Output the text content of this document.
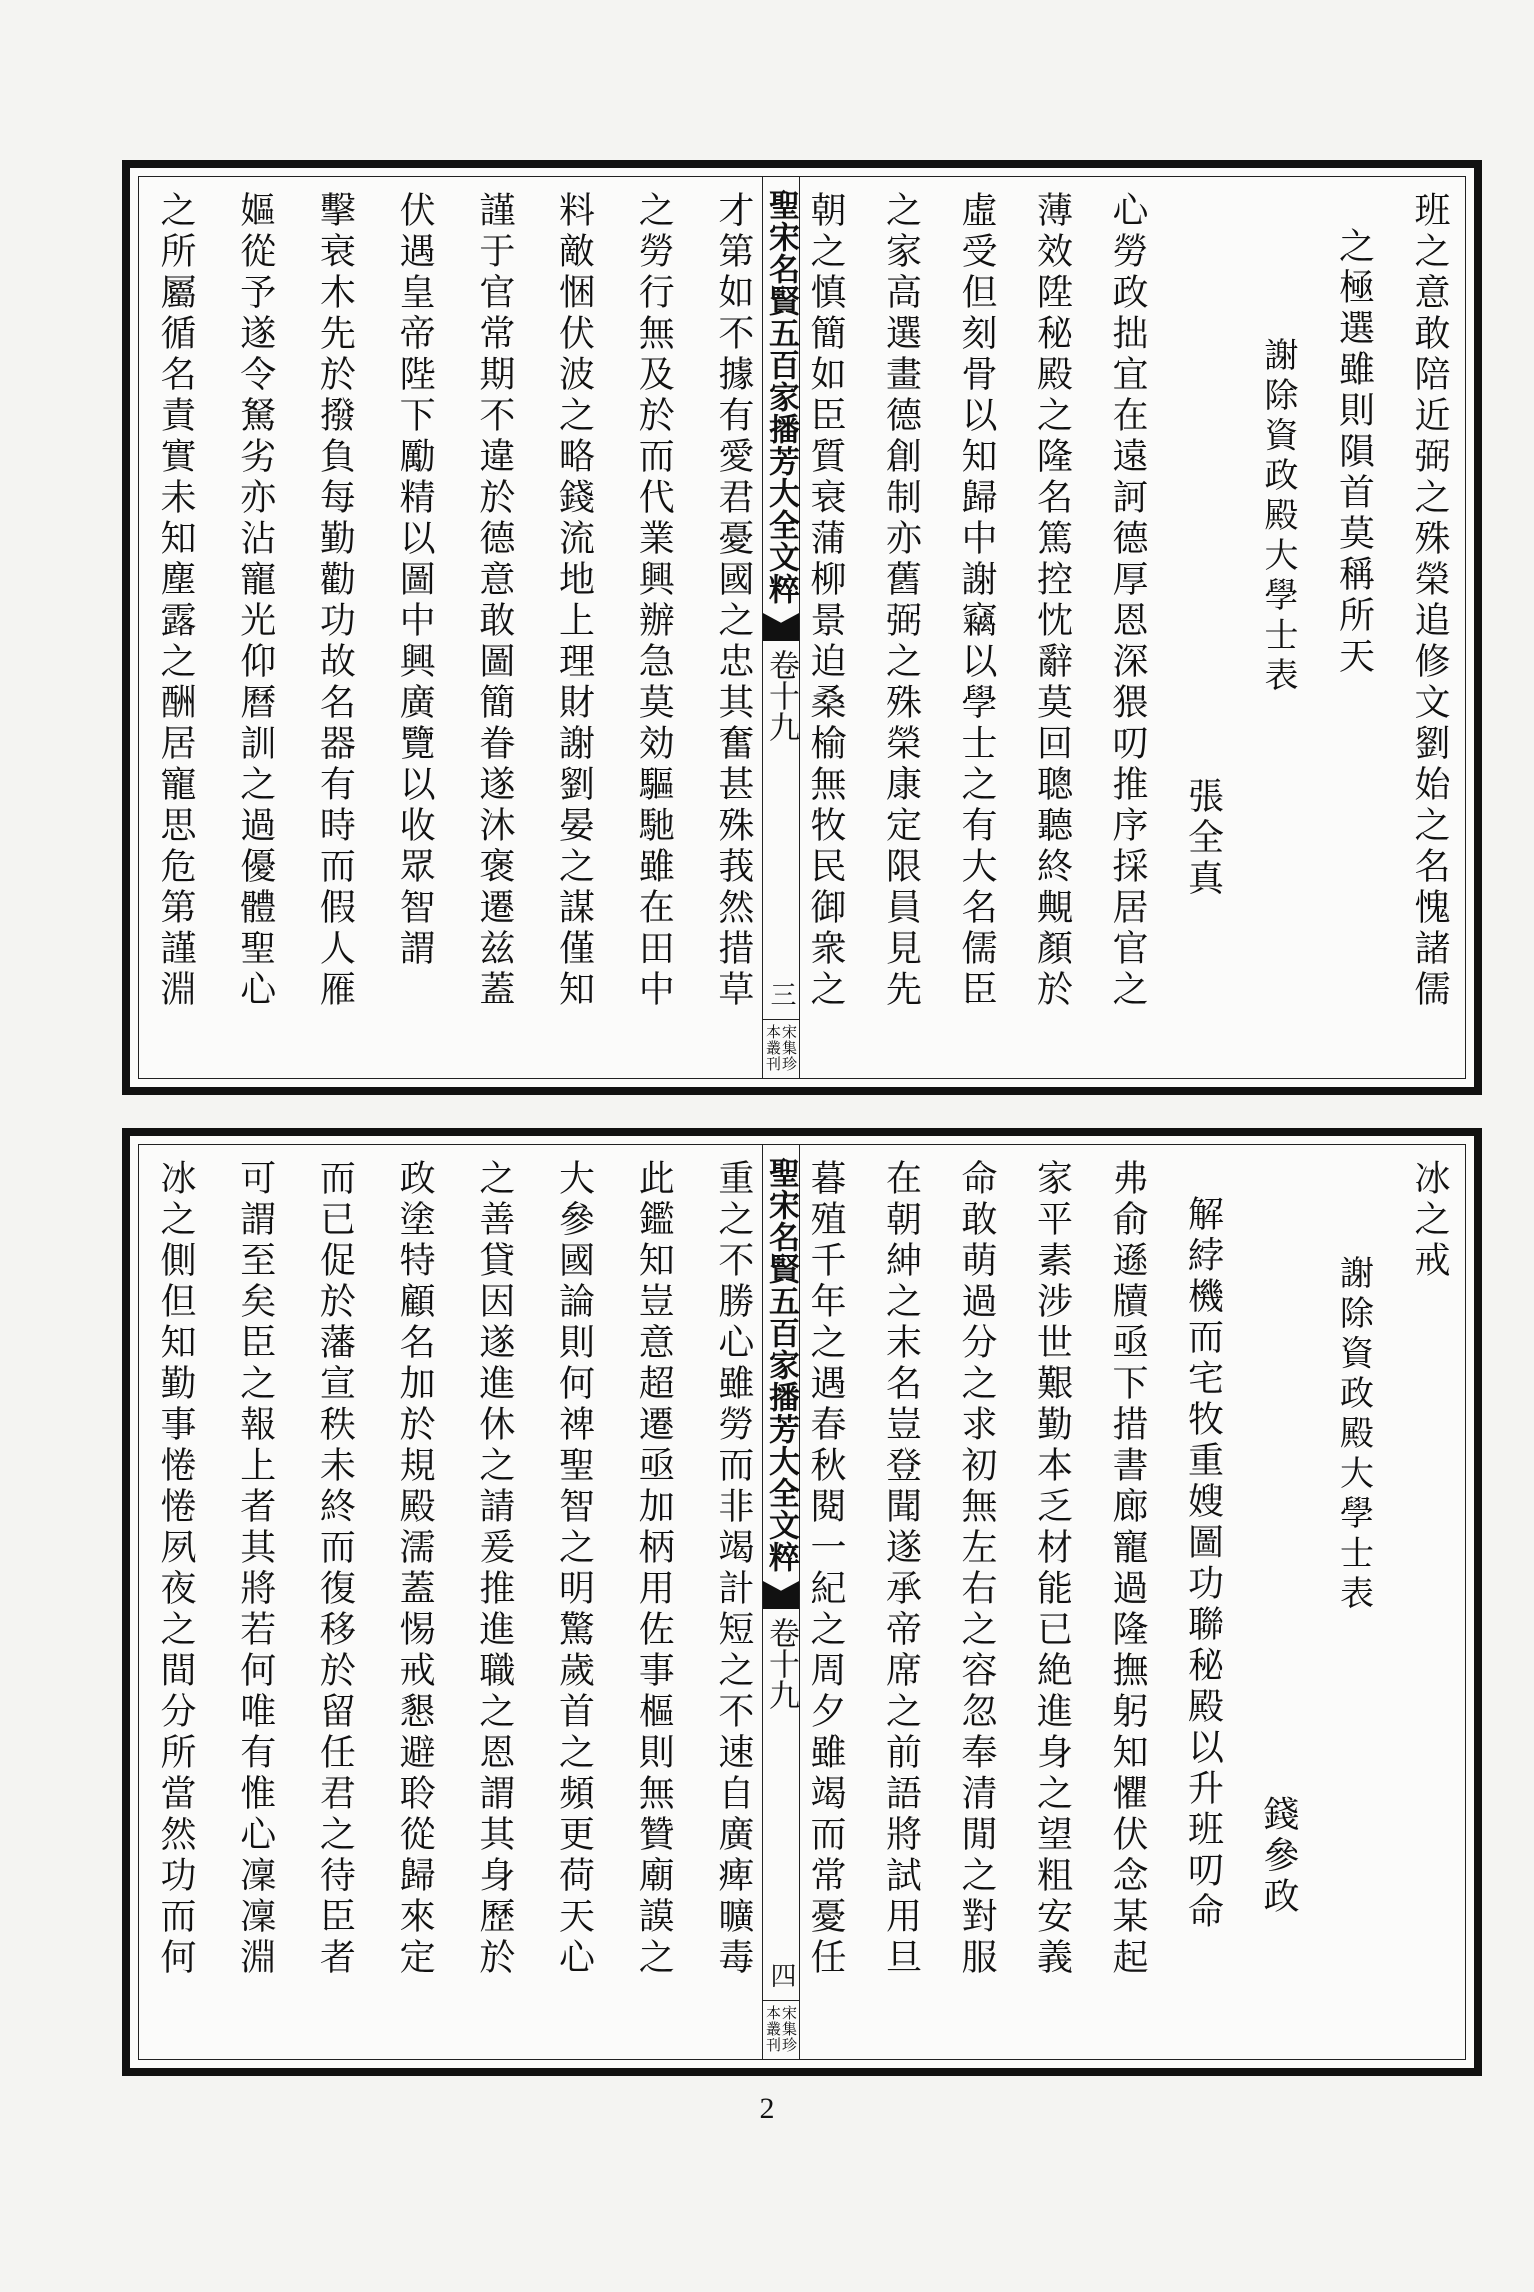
班之意敢陪近弼之殊榮追修文劉始之名愧諸儒
之極選雖則隕首莫稱所天
謝除資政殿大學士表
張全真
心勞政拙宜在遠訶德厚恩深猥叨推序採居官之
薄效陞秘殿之隆名篤控忱辭莫回聰聽終覥顏於
虛受但刻骨以知歸中謝竊以學士之有大名儒臣
之家高選畫德創制亦舊弼之殊榮康定限員見先
朝之慎簡如臣質衰蒲柳景迫桑榆無牧民御衆之
聖宋名賢五百家播芳大全文粹
卷十九
三
宋集珍
本叢刊
才第如不據有愛君憂國之忠其奮甚殊莪然措草
之勞行無及於而代業興辦急莫効驅馳雖在田中
料敵悃伏波之略錢流地上理財謝劉晏之謀僅知
謹于官常期不違於德意敢圖簡眷遂沐褒遷兹蓋
伏遇皇帝陛下勵精以圖中興廣覽以收眾智謂
擊衰木先於撥負每勤勸功故名器有時而假人雁
嫗從予遂令駑劣亦沾寵光仰曆訓之過優體聖心
之所屬循名責實未知塵露之酬居寵思危第謹淵
冰之戒
謝除資政殿大學士表
錢參政
解綍機而宅牧重嫂圖功聯秘殿以升班叨命
弗俞遜牘亟下措書廊寵過隆撫躬知懼伏念某起
家平素涉世艱勤本乏材能已絶進身之望粗安義
命敢萌過分之求初無左右之容忽奉清閒之對服
在朝紳之末名豈登聞遂承帝席之前語將試用旦
暮殖千年之遇春秋閱一紀之周夕雖竭而常憂任
聖宋名賢五百家播芳大全文粹
卷十九
四
宋集珍
本叢刊
重之不勝心雖勞而非竭計短之不速自廣痺曠毒
此鑑知豈意超遷亟加柄用佐事樞則無贊廟謨之
大參國論則何禆聖智之明驚歲首之頻更荷天心
之善貸因遂進休之請爰推進職之恩謂其身歷於
政塗特顧名加於規殿濡蓋惕戒懇避聆從歸來定
而已促於藩宣秩未終而復移於留任君之待臣者
可謂至矣臣之報上者其將若何唯有惟心凜凜淵
冰之側但知勤事惓惓夙夜之間分所當然功而何
2
